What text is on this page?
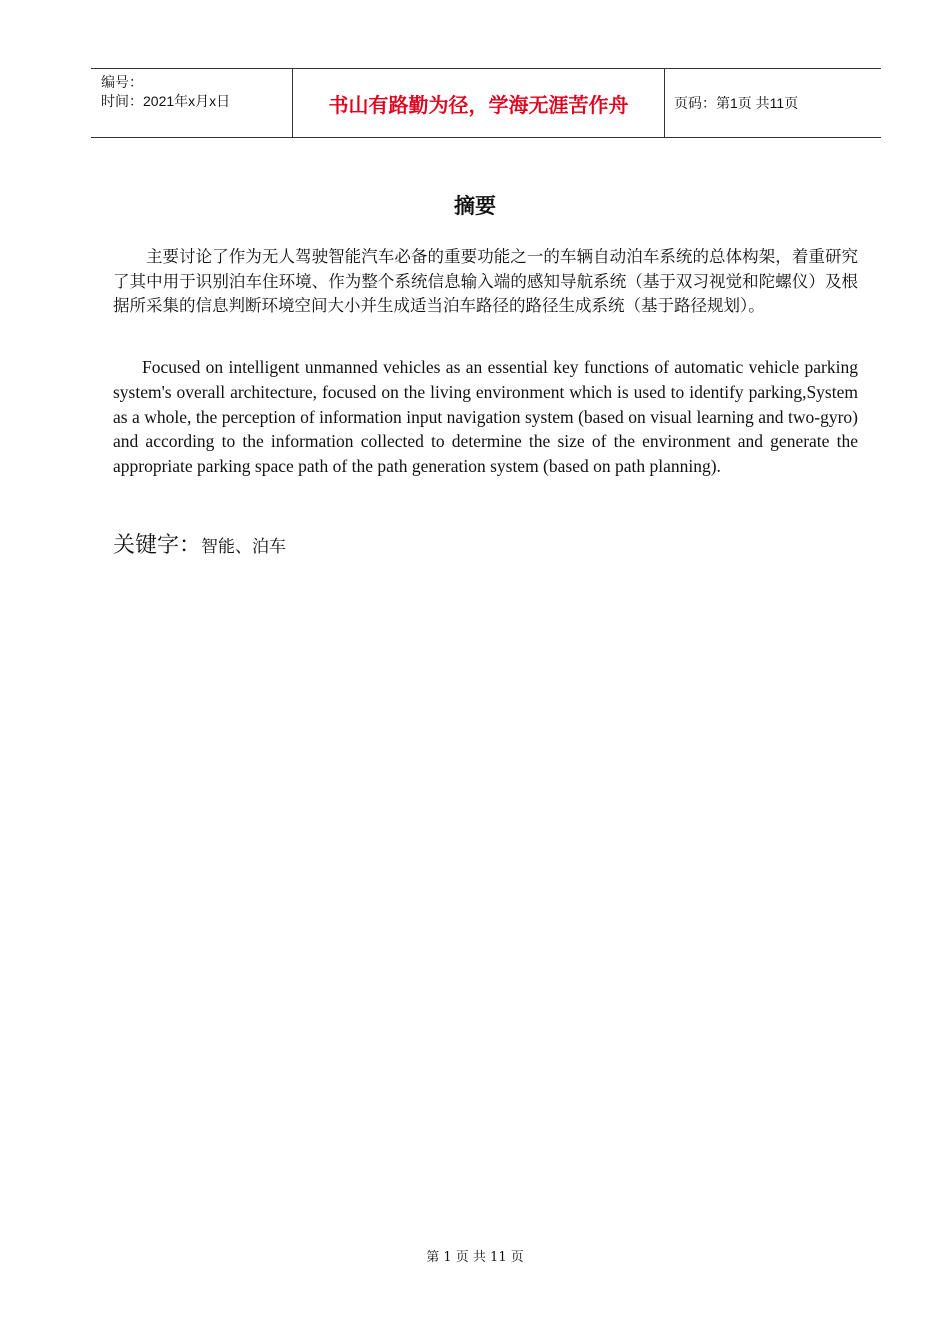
编号：
时间：2021年x月x日	书山有路勤为径，学海无涯苦作舟	页码：第1页 共11页
摘要
主要讨论了作为无人驾驶智能汽车必备的重要功能之一的车辆自动泊车系统的总体构架，着重研究了其中用于识别泊车住环境、作为整个系统信息输入端的感知导航系统（基于双习视觉和陀螺仪）及根据所采集的信息判断环境空间大小并生成适当泊车路径的路径生成系统（基于路径规划）。
Focused on intelligent unmanned vehicles as an essential key functions of automatic vehicle parking system's overall architecture, focused on the living environment which is used to identify parking,System as a whole, the perception of information input navigation system (based on visual learning and two-gyro) and according to the information collected to determine the size of the environment and generate the appropriate parking space path of the path generation system (based on path planning).
关键字：智能、泊车
第 1 页 共 11 页
